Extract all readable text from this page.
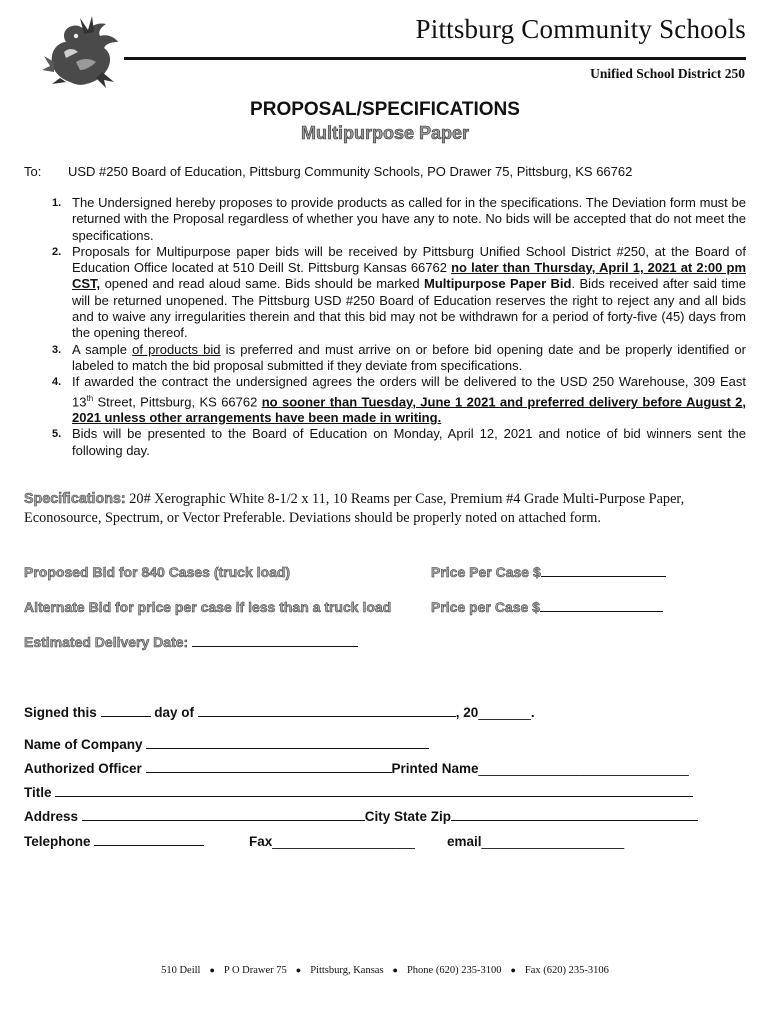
Pittsburg Community Schools
Unified School District 250
PROPOSAL/SPECIFICATIONS
Multipurpose Paper
To: USD #250 Board of Education, Pittsburg Community Schools, PO Drawer 75, Pittsburg, KS 66762
1. The Undersigned hereby proposes to provide products as called for in the specifications. The Deviation form must be returned with the Proposal regardless of whether you have any to note. No bids will be accepted that do not meet the specifications.
2. Proposals for Multipurpose paper bids will be received by Pittsburg Unified School District #250, at the Board of Education Office located at 510 Deill St. Pittsburg Kansas 66762 no later than Thursday, April 1, 2021 at 2:00 pm CST, opened and read aloud same. Bids should be marked Multipurpose Paper Bid. Bids received after said time will be returned unopened. The Pittsburg USD #250 Board of Education reserves the right to reject any and all bids and to waive any irregularities therein and that this bid may not be withdrawn for a period of forty-five (45) days from the opening thereof.
3. A sample of products bid is preferred and must arrive on or before bid opening date and be properly identified or labeled to match the bid proposal submitted if they deviate from specifications.
4. If awarded the contract the undersigned agrees the orders will be delivered to the USD 250 Warehouse, 309 East 13th Street, Pittsburg, KS 66762 no sooner than Tuesday, June 1 2021 and preferred delivery before August 2, 2021 unless other arrangements have been made in writing.
5. Bids will be presented to the Board of Education on Monday, April 12, 2021 and notice of bid winners sent the following day.
Specifications: 20# Xerographic White 8-1/2 x 11, 10 Reams per Case, Premium #4 Grade Multi-Purpose Paper, Econosource, Spectrum, or Vector Preferable. Deviations should be properly noted on attached form.
Proposed Bid for 840 Cases (truck load)	Price Per Case $
Alternate Bid for price per case if less than a truck load	Price per Case $
Estimated Delivery Date:
Signed this	day of	, 20_______.
Name of Company
Authorized Officer	Printed Name____________________________
Title
Address	City State Zip
Telephone	Fax___________________ email___________________
510 Deill ● P O Drawer 75 ● Pittsburg, Kansas ● Phone (620) 235-3100 ● Fax (620) 235-3106
